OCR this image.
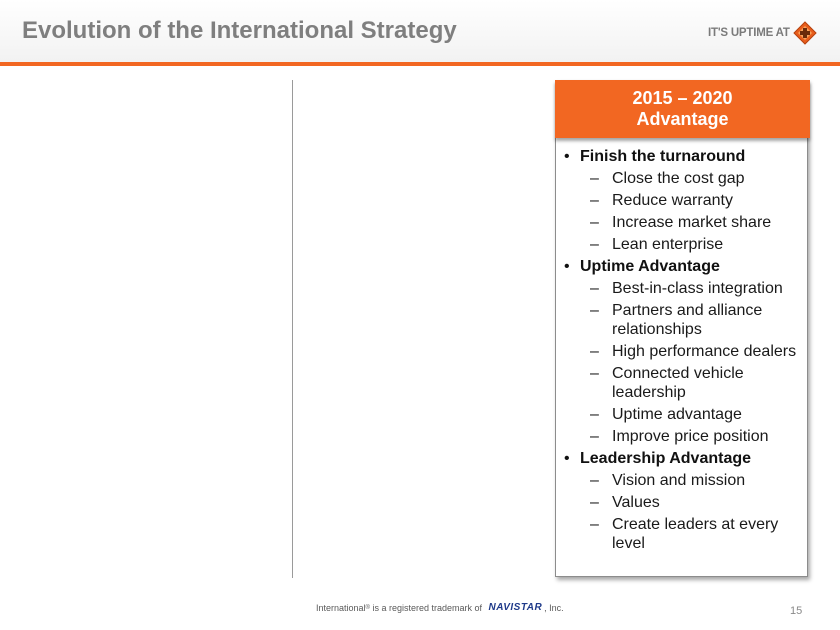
Evolution of the International Strategy	IT'S UPTIME AT
2015 – 2020
Advantage
• Finish the turnaround
– Close the cost gap
– Reduce warranty
– Increase market share
– Lean enterprise
• Uptime Advantage
– Best-in-class integration
– Partners and alliance relationships
– High performance dealers
– Connected vehicle leadership
– Uptime advantage
– Improve price position
• Leadership Advantage
– Vision and mission
– Values
– Create leaders at every level
International ® is a registered trademark of NAVISTAR , Inc.	15
